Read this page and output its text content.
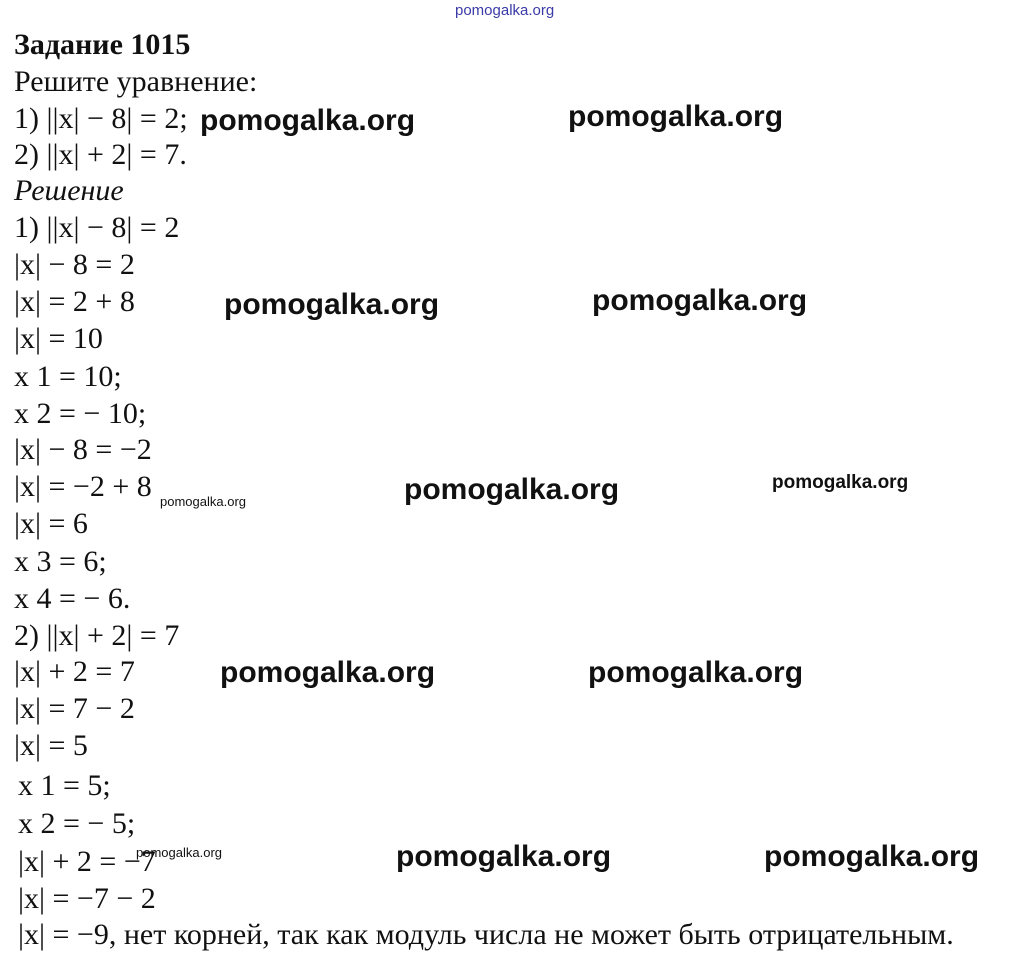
pomogalka.org
Задание 1015
Решите уравнение:
1) ||x| − 8| = 2;
2) ||x| + 2| = 7.
Решение
1) ||x| − 8| = 2
|x| − 8 = 2
|x| = 2 + 8
|x| = 10
x 1 = 10;
x 2 = − 10;
|x| − 8 = −2
|x| = −2 + 8
|x| = 6
x 3 = 6;
x 4 = − 6.
2) ||x| + 2| = 7
|x| + 2 = 7
|x| = 7 − 2
|x| = 5
x 1 = 5;
x 2 = − 5;
|x| + 2 = −7
|x| = −7 − 2
|x| = −9, нет корней, так как модуль числа не может быть отрицательным.
pomogalka.org	pomogalka.org
pomogalka.org	pomogalka.org
pomogalka.org	pomogalka.org
pomogalka.org
pomogalka.org	pomogalka.org
pomogalka.org	pomogalka.org	pomogalka.org
